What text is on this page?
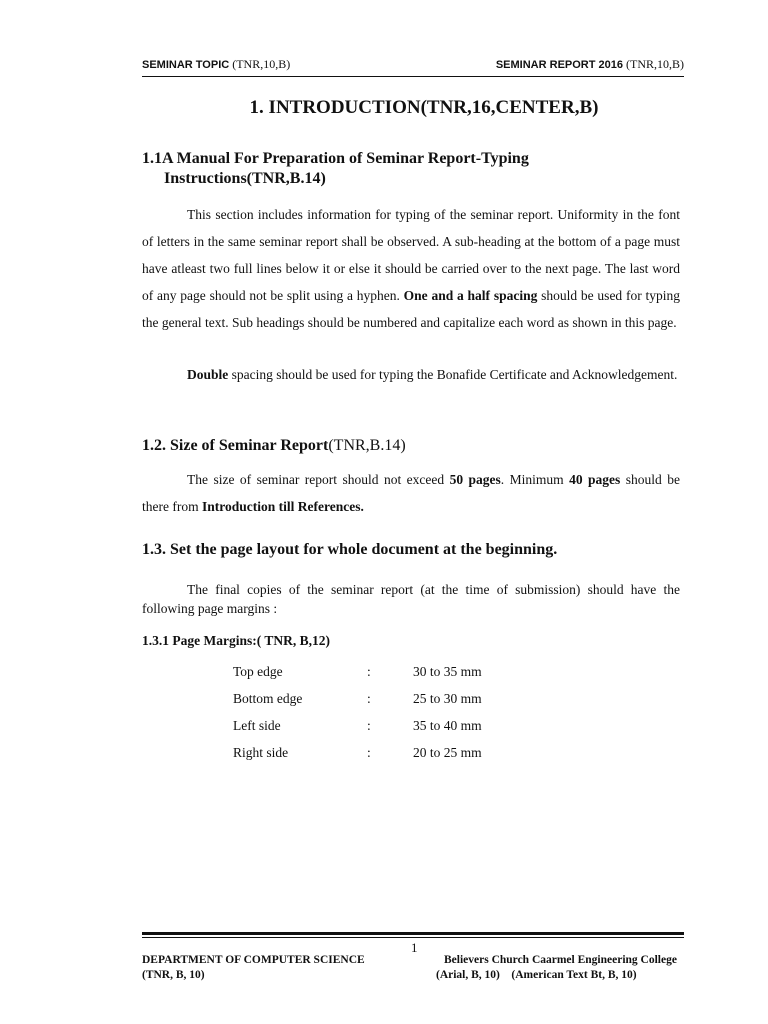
SEMINAR TOPIC (TNR,10,B)	SEMINAR REPORT 2016 (TNR,10,B)
1. INTRODUCTION(TNR,16,CENTER,B)
1.1A Manual For Preparation of Seminar Report-Typing
Instructions(TNR,B.14)
This section includes information for typing of the seminar report. Uniformity in the font of letters in the same seminar report shall be observed. A sub-heading at the bottom of a page must have atleast two full lines below it or else it should be carried over to the next page. The last word of any page should not be split using a hyphen. One and a half spacing should be used for typing the general text. Sub headings should be numbered and capitalize each word as shown in this page.
Double spacing should be used for typing the Bonafide Certificate and Acknowledgement.
1.2. Size of Seminar Report(TNR,B.14)
The size of seminar report should not exceed 50 pages. Minimum 40 pages should be there from Introduction till References.
1.3. Set the page layout for whole document at the beginning.
The final copies of the seminar report (at the time of submission) should have the following page margins :
1.3.1 Page Margins:( TNR, B,12)
Top edge	:	30 to 35 mm
Bottom edge	:	25 to 30 mm
Left side	:	35 to 40 mm
Right side	:	20 to 25 mm
1
DEPARTMENT OF COMPUTER SCIENCE
(TNR, B, 10)
Believers Church Caarmel Engineering College
(Arial, B, 10)    (American Text Bt, B, 10)
